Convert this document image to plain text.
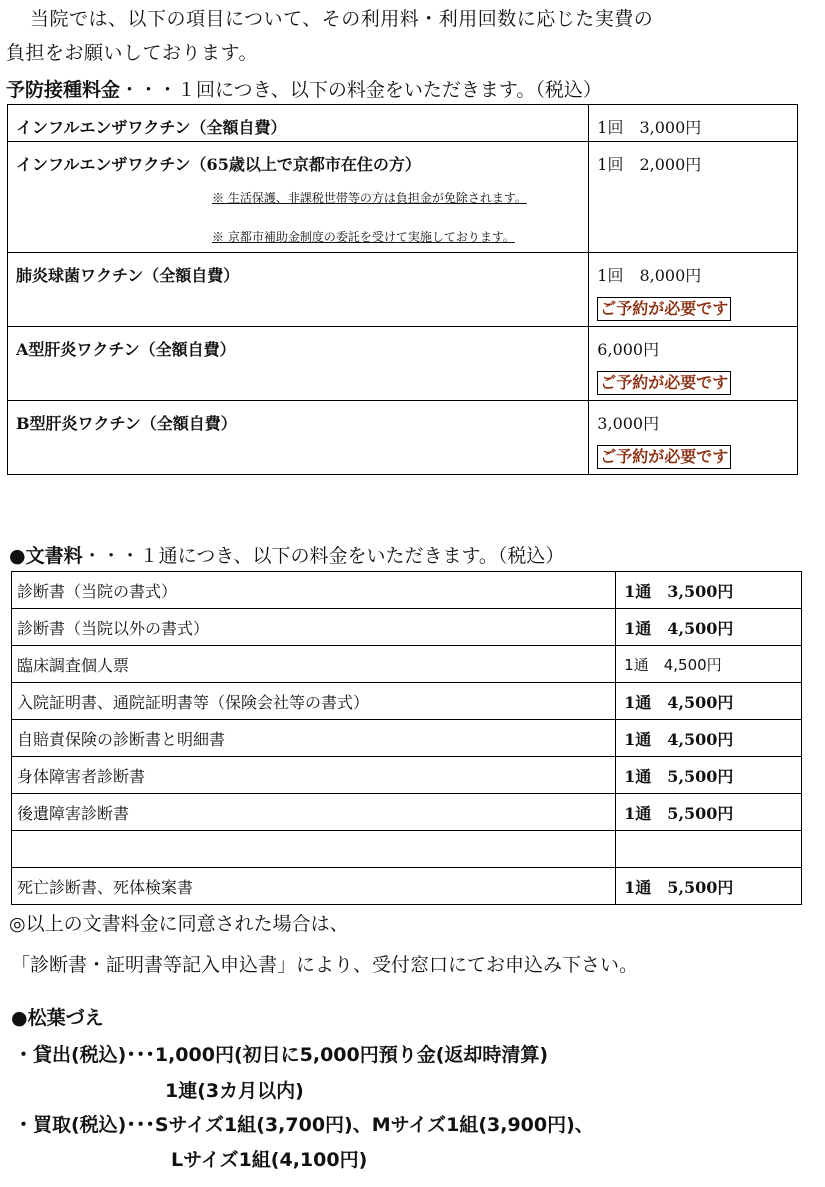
当院では、以下の項目について、その利用料・利用回数に応じた実費の
負担をお願いしております。
予防接種料金・・・１回につき、以下の料金をいただきます。（税込）
インフルエンザワクチン（全額自費）	1回　3,000円

インフルエンザワクチン（65歳以上で京都市在住の方）
※ 生活保護、非課税世帯等の方は負担金が免除されます。
※ 京都市補助金制度の委託を受けて実施しております。	1回　2,000円
肺炎球菌ワクチン（全額自費）	1回　8,000円
ご予約が必要です
A型肝炎ワクチン（全額自費）	6,000円
ご予約が必要です
B型肝炎ワクチン（全額自費）	3,000円
ご予約が必要です
●文書料・・・１通につき、以下の料金をいただきます。（税込）
診断書（当院の書式）	1通　3,500円
診断書（当院以外の書式）	1通　4,500円
臨床調査個人票	1通　4,500円
入院証明書、通院証明書等（保険会社等の書式）	1通　4,500円
自賠責保険の診断書と明細書	1通　4,500円
身体障害者診断書	1通　5,500円
後遺障害診断書	1通　5,500円

死亡診断書、死体検案書	1通　5,500円
◎以上の文書料金に同意された場合は、
「診断書・証明書等記入申込書」により、受付窓口にてお申込み下さい。
●松葉づえ
・貸出(税込)･･･1,000円(初日に5,000円預り金(返却時清算)
1連(3カ月以内)
・買取(税込)･･･Sサイズ1組(3,700円)、Mサイズ1組(3,900円)、
Lサイズ1組(4,100円)
